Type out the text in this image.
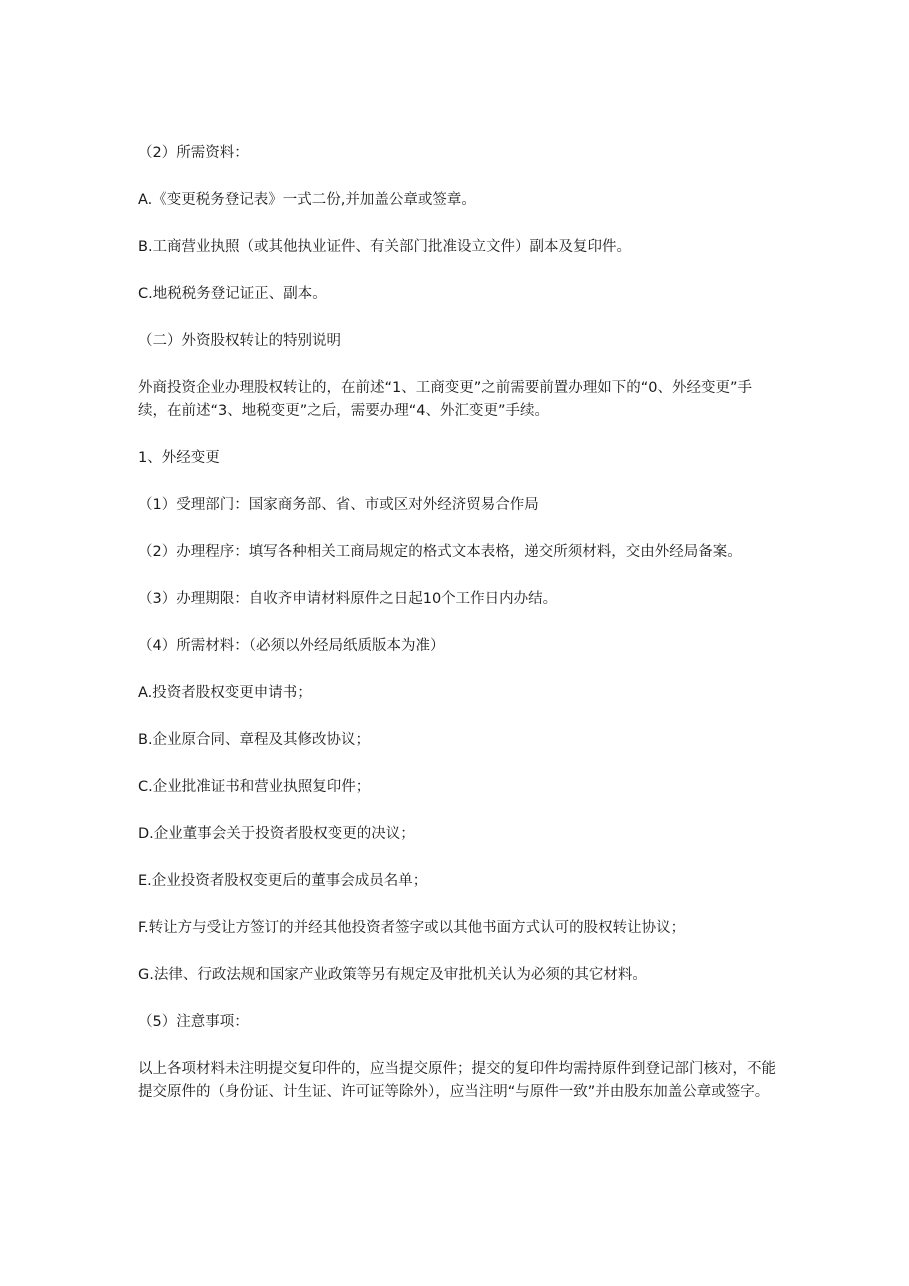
（2）所需资料：

A.《变更税务登记表》一式二份,并加盖公章或签章。

B.工商营业执照（或其他执业证件、有关部门批准设立文件）副本及复印件。

C.地税税务登记证正、副本。

（二）外资股权转让的特别说明

外商投资企业办理股权转让的，在前述“1、工商变更”之前需要前置办理如下的“0、外经变更”手续，在前述“3、地税变更”之后，需要办理“4、外汇变更”手续。

1、外经变更

（1）受理部门：国家商务部、省、市或区对外经济贸易合作局

（2）办理程序：填写各种相关工商局规定的格式文本表格，递交所须材料，交由外经局备案。

（3）办理期限：自收齐申请材料原件之日起10个工作日内办结。

（4）所需材料：（必须以外经局纸质版本为准）

A.投资者股权变更申请书；

B.企业原合同、章程及其修改协议；

C.企业批准证书和营业执照复印件；

D.企业董事会关于投资者股权变更的决议；

E.企业投资者股权变更后的董事会成员名单；

F.转让方与受让方签订的并经其他投资者签字或以其他书面方式认可的股权转让协议；

G.法律、行政法规和国家产业政策等另有规定及审批机关认为必须的其它材料。

（5）注意事项：

以上各项材料未注明提交复印件的，应当提交原件；提交的复印件均需持原件到登记部门核对，不能提交原件的（身份证、计生证、许可证等除外），应当注明“与原件一致”并由股东加盖公章或签字。
